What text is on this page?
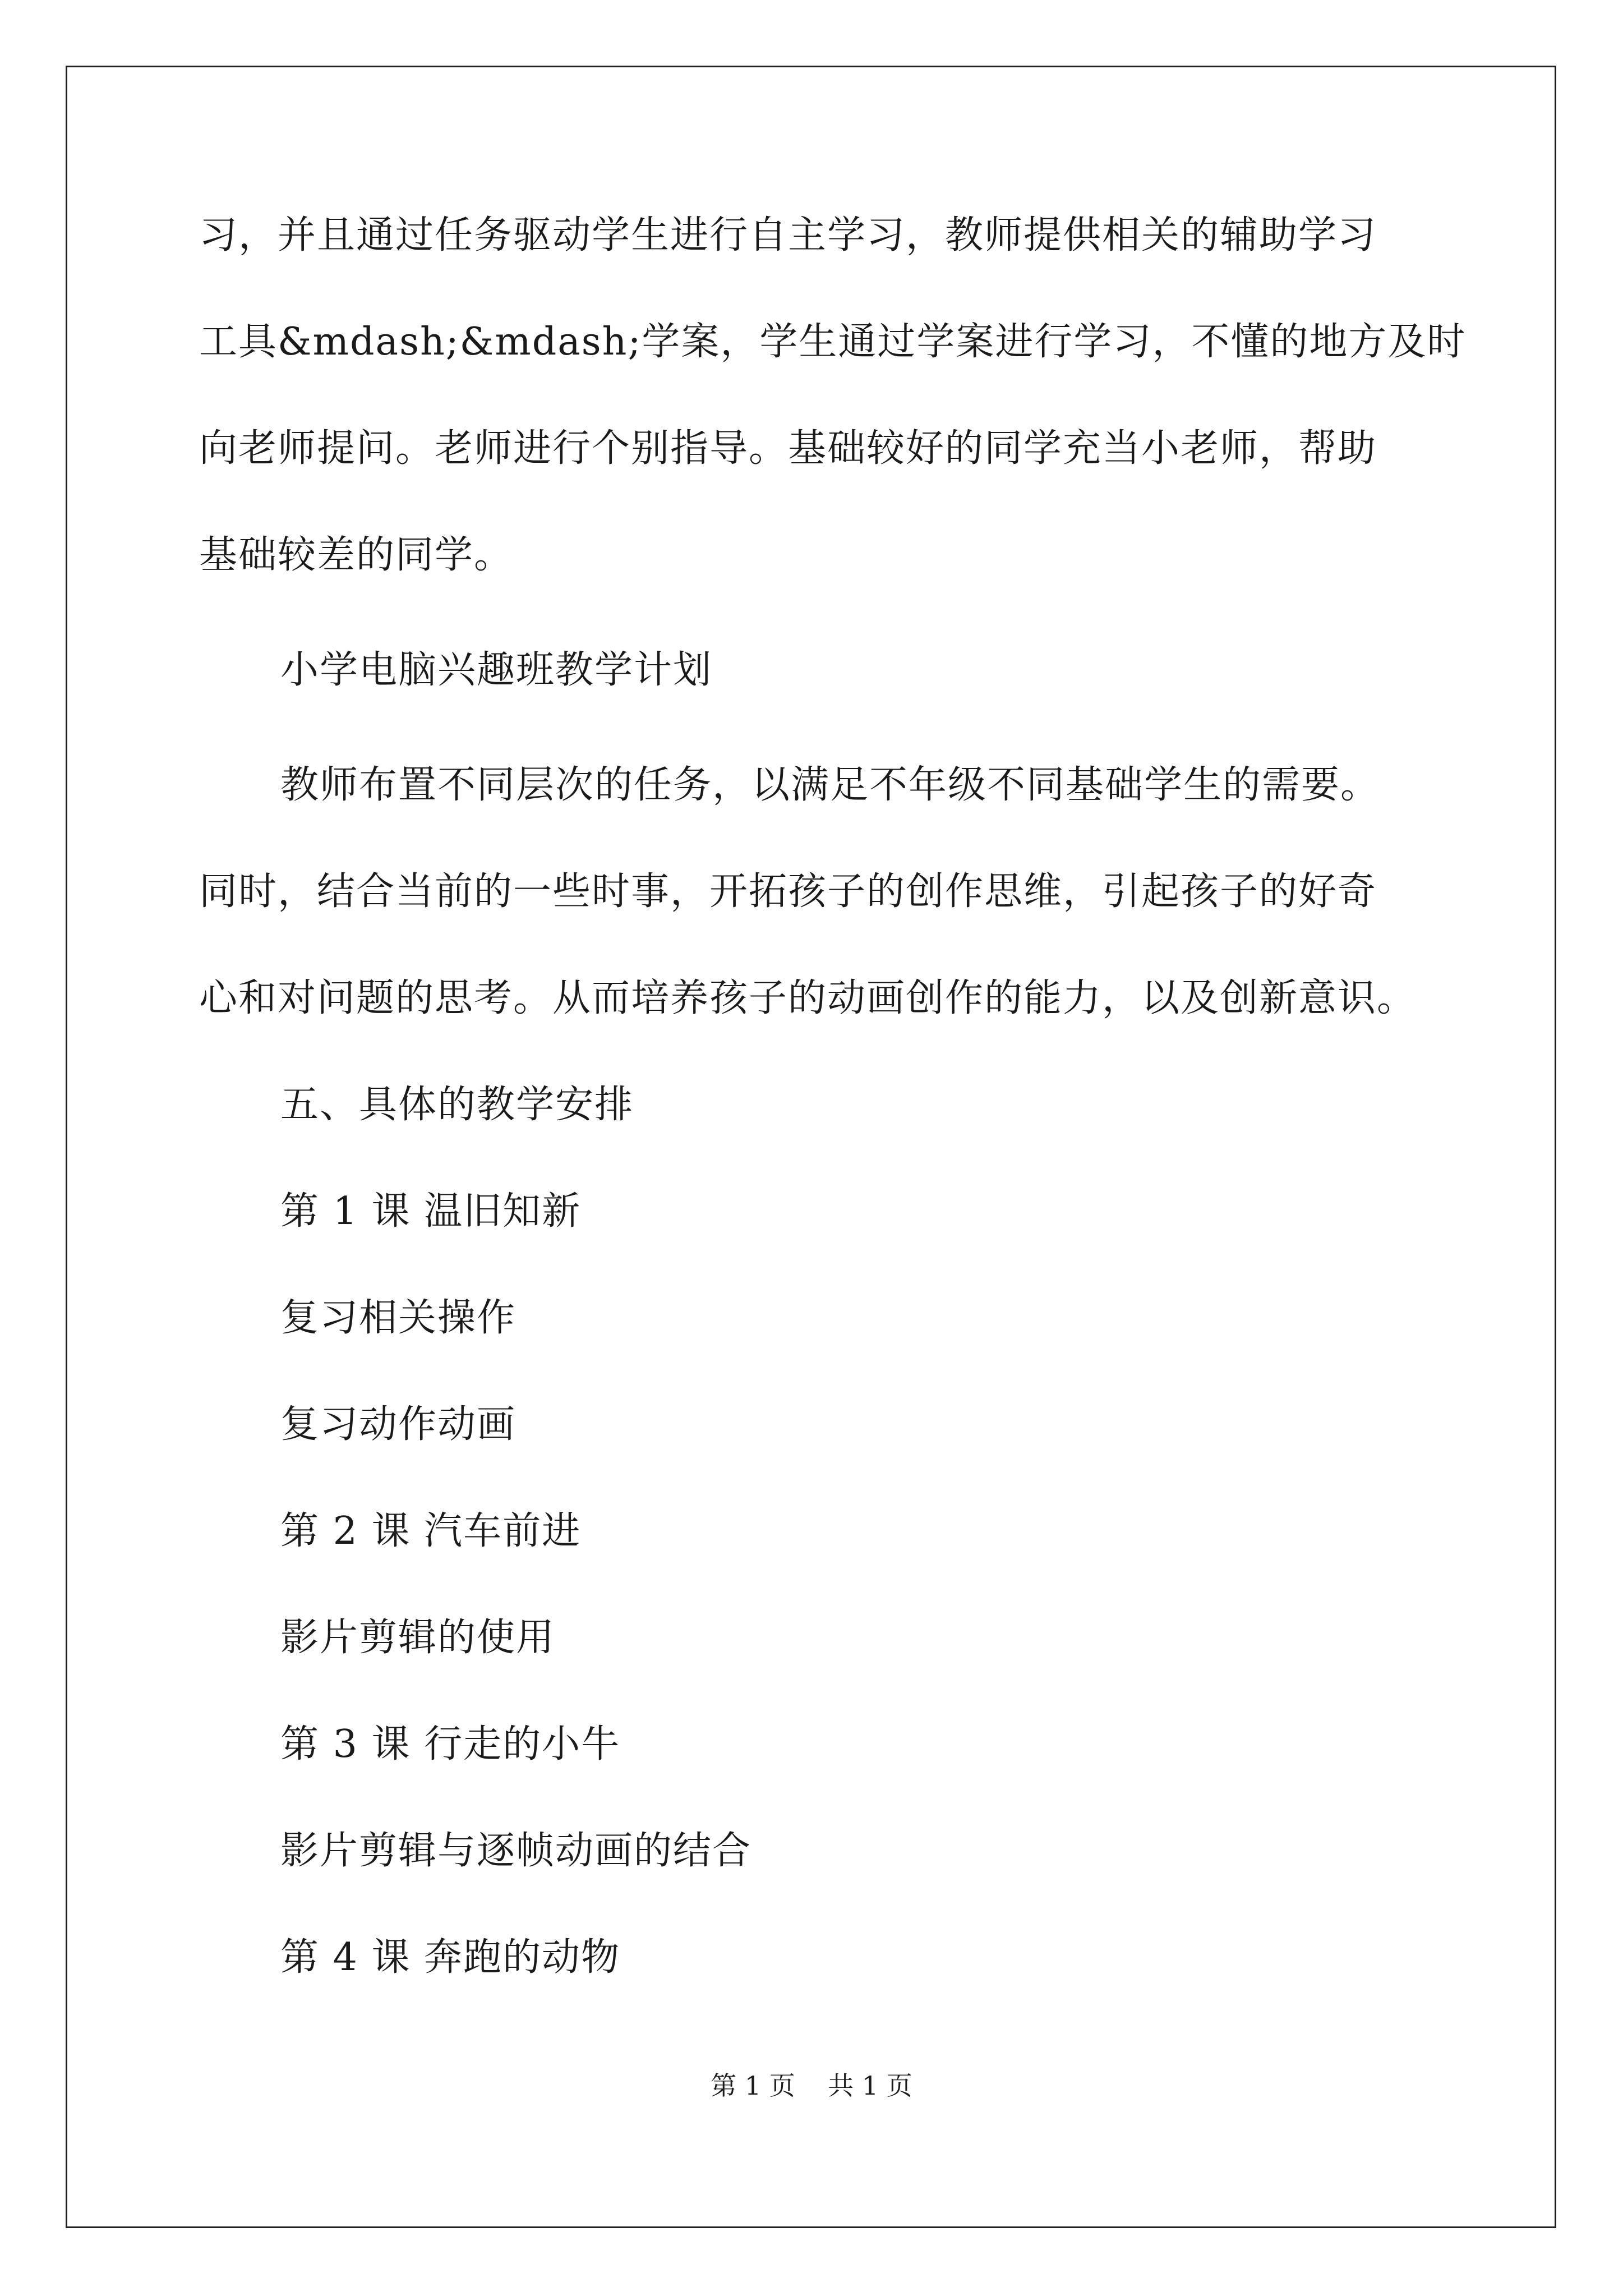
习，并且通过任务驱动学生进行自主学习，教师提供相关的辅助学习
工具&mdash;&mdash;学案，学生通过学案进行学习，不懂的地方及时
向老师提问。老师进行个别指导。基础较好的同学充当小老师，帮助
基础较差的同学。
小学电脑兴趣班教学计划
教师布置不同层次的任务，以满足不年级不同基础学生的需要。
同时，结合当前的一些时事，开拓孩子的创作思维，引起孩子的好奇
心和对问题的思考。从而培养孩子的动画创作的能力，以及创新意识。
五、具体的教学安排
第 1 课 温旧知新
复习相关操作
复习动作动画
第 2 课 汽车前进
影片剪辑的使用
第 3 课 行走的小牛
影片剪辑与逐帧动画的结合
第 4 课 奔跑的动物
第 1 页    共 1 页
